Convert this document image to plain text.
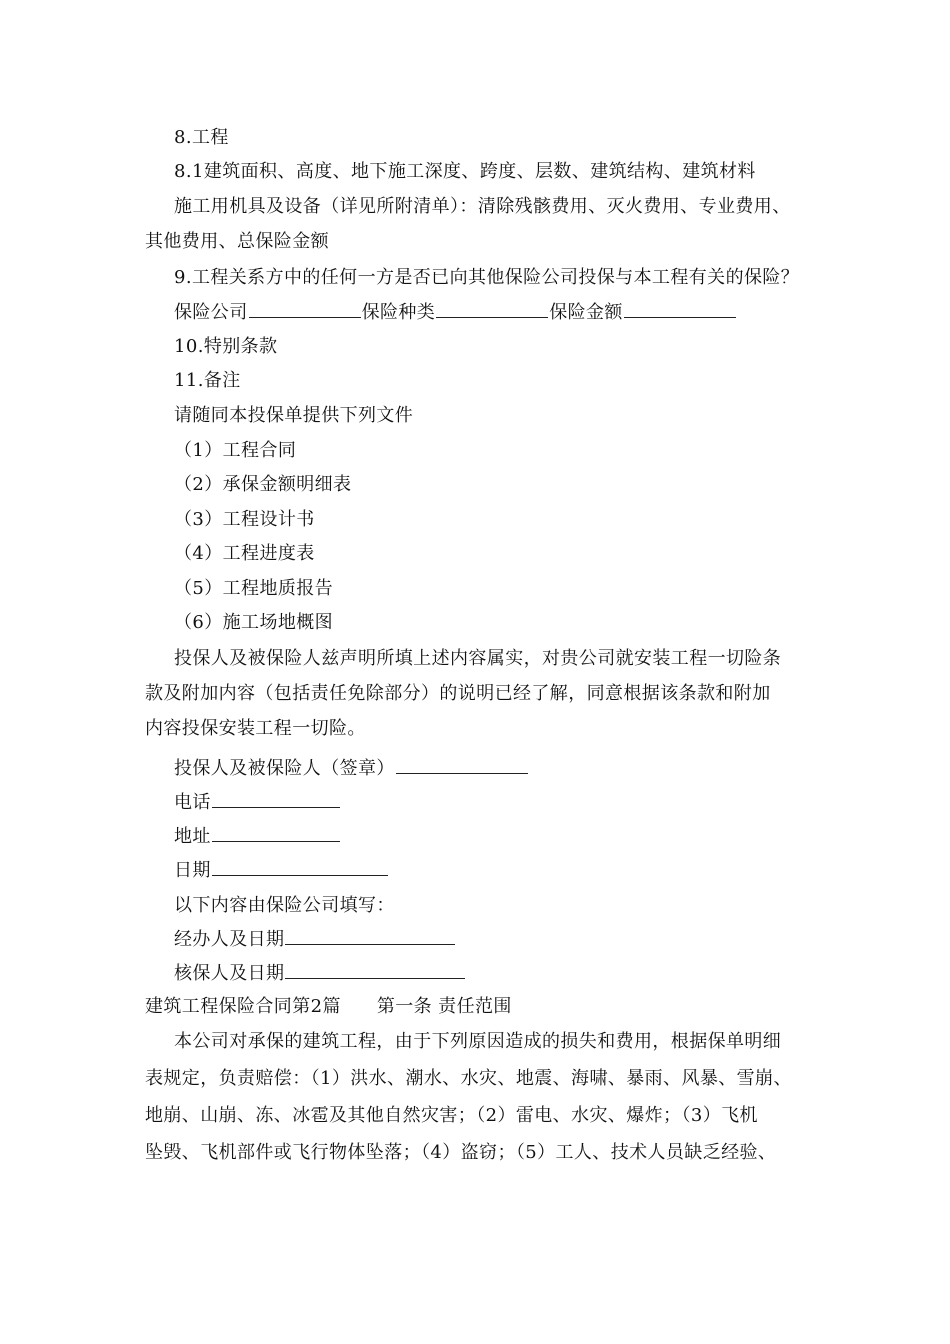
8.工程
8.1建筑面积、高度、地下施工深度、跨度、层数、建筑结构、建筑材料
施工用机具及设备（详见所附清单）：清除残骸费用、灭火费用、专业费用、
其他费用、总保险金额
9.工程关系方中的任何一方是否已向其他保险公司投保与本工程有关的保险？
保险公司	保险种类	保险金额
10.特别条款
11.备注
请随同本投保单提供下列文件
（1）工程合同
（2）承保金额明细表
（3）工程设计书
（4）工程进度表
（5）工程地质报告
（6）施工场地概图
投保人及被保险人兹声明所填上述内容属实，对贵公司就安装工程一切险条
款及附加内容（包括责任免除部分）的说明已经了解，同意根据该条款和附加
内容投保安装工程一切险。
投保人及被保险人（签章）
电话
地址
日期
以下内容由保险公司填写：
经办人及日期
核保人及日期
建筑工程保险合同第2篇 第一条 责任范围
本公司对承保的建筑工程，由于下列原因造成的损失和费用，根据保单明细
表规定，负责赔偿：（1）洪水、潮水、水灾、地震、海啸、暴雨、风暴、雪崩、
地崩、山崩、冻、冰雹及其他自然灾害；（2）雷电、水灾、爆炸；（3）飞机
坠毁、飞机部件或飞行物体坠落；（4）盗窃；（5）工人、技术人员缺乏经验、
